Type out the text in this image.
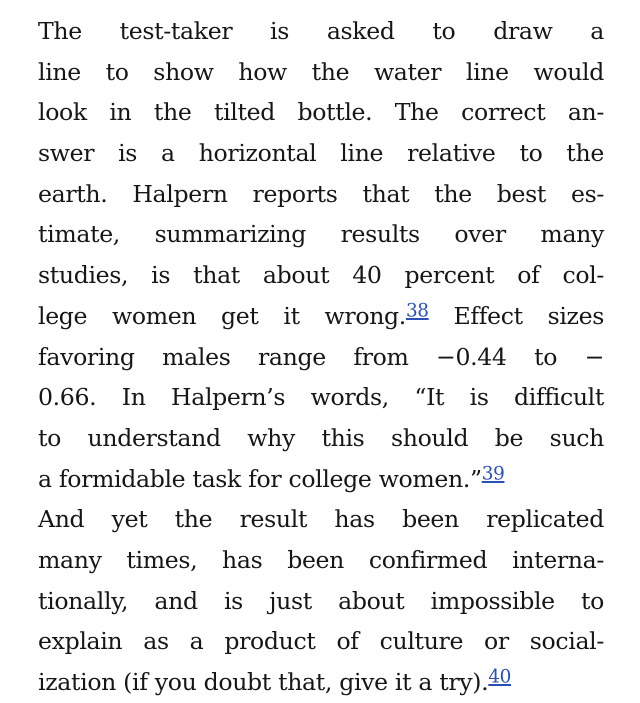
The test-taker is asked to draw a
line to show how the water line would
look in the tilted bottle. The correct an-
swer is a horizontal line relative to the
earth. Halpern reports that the best es-
timate, summarizing results over many
studies, is that about 40 percent of col-
lege women get it wrong.$^{38}$ Effect sizes
favoring males range from −0.44 to −
0.66. In Halpern’s words, “It is difficult
to understand why this should be such
a formidable task for college women.”$^{39}$
And yet the result has been replicated
many times, has been confirmed interna-
tionally, and is just about impossible to
explain as a product of culture or social-
ization (if you doubt that, give it a try).$^{40}$
